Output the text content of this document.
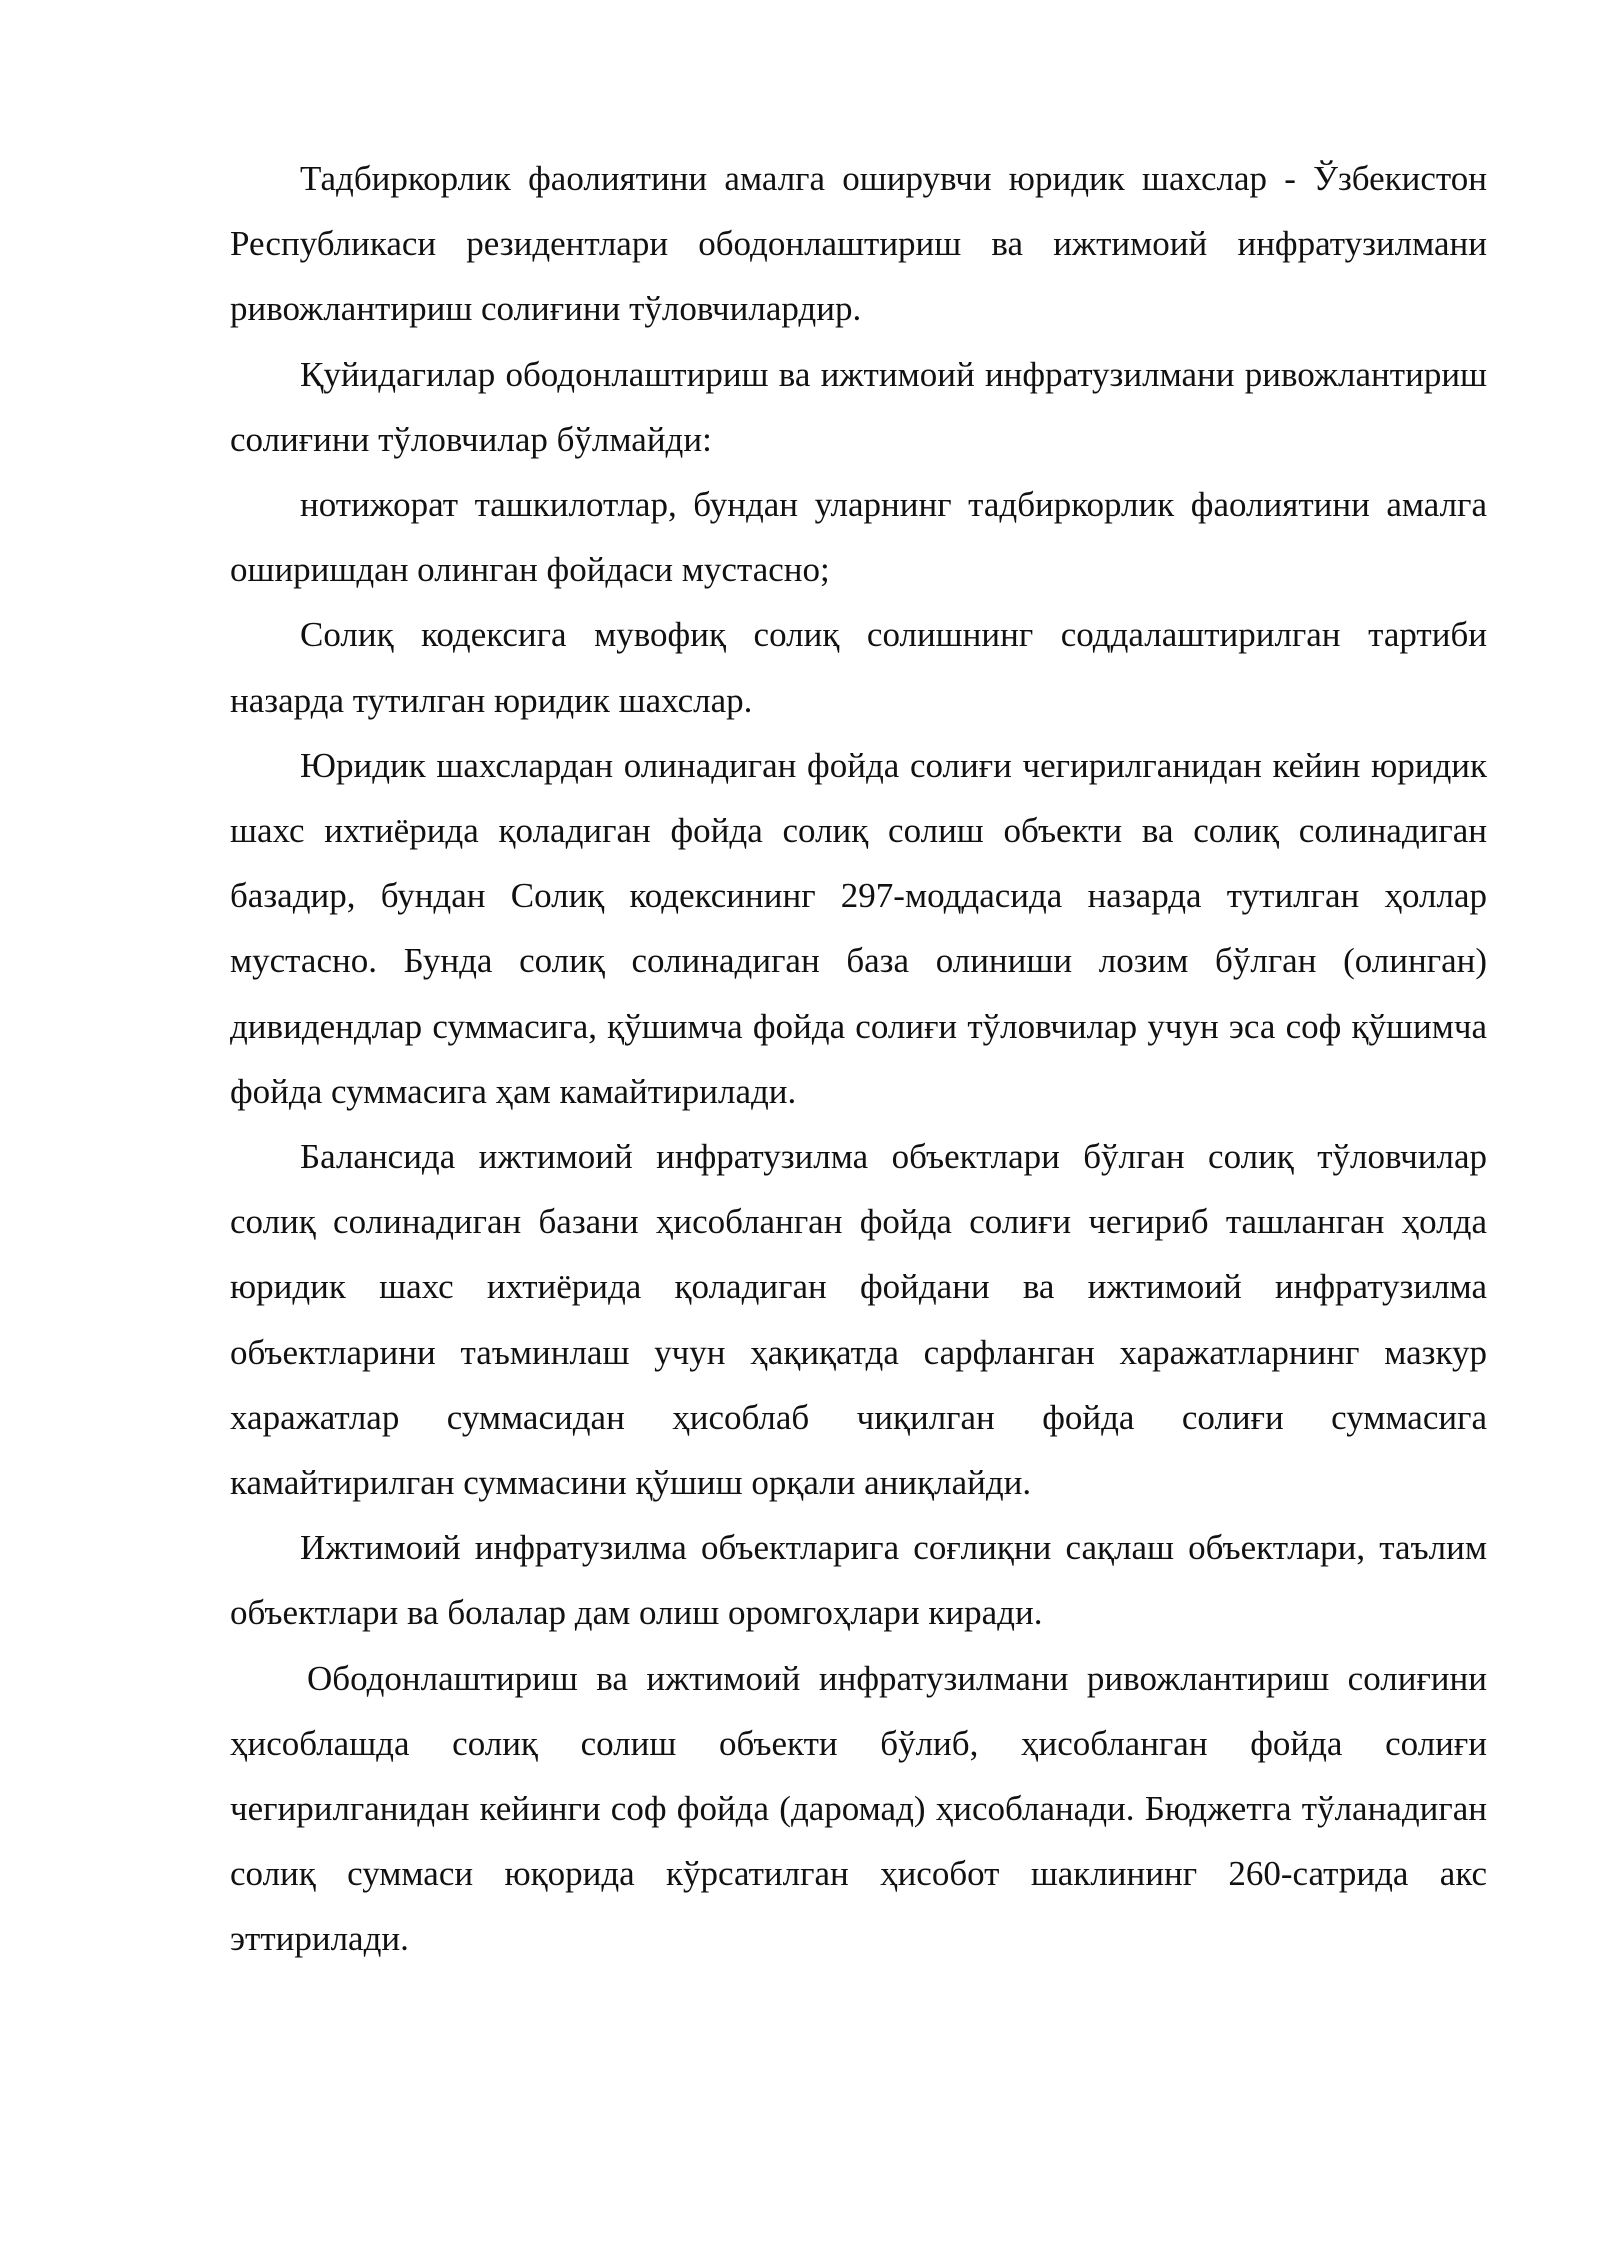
Тадбиркорлик фаолиятини амалга оширувчи юридик шахслар - Ўзбекистон Республикаси резидентлари ободонлаштириш ва ижтимоий инфратузилмани ривожлантириш солиғини тўловчилардир.

Қуйидагилар ободонлаштириш ва ижтимоий инфратузилмани ривожлантириш солиғини тўловчилар бўлмайди:

нотижорат ташкилотлар, бундан уларнинг тадбиркорлик фаолиятини амалга оширишдан олинган фойдаси мустасно;

Солиқ кодексига мувофиқ солиқ солишнинг соддалаштирилган тартиби назарда тутилган юридик шахслар.

Юридик шахслардан олинадиган фойда солиғи чегирилганидан кейин юридик шахс ихтиёрида қоладиган фойда солиқ солиш объекти ва солиқ солинадиган базадир, бундан Солиқ кодексининг 297-моддасида назарда тутилган ҳоллар мустасно. Бунда солиқ солинадиган база олиниши лозим бўлган (олинган) дивидендлар суммасига, қўшимча фойда солиғи тўловчилар учун эса соф қўшимча фойда суммасига ҳам камайтирилади.

Балансида ижтимоий инфратузилма объектлари бўлган солиқ тўловчилар солиқ солинадиган базани ҳисобланган фойда солиғи чегириб ташланган ҳолда юридик шахс ихтиёрида қоладиган фойдани ва ижтимоий инфратузилма объектларини таъминлаш учун ҳақиқатда сарфланган харажатларнинг мазкур харажатлар суммасидан ҳисоблаб чиқилган фойда солиғи суммасига камайтирилган суммасини қўшиш орқали аниқлайди.

Ижтимоий инфратузилма объектларига соғлиқни сақлаш объектлари, таълим объектлари ва болалар дам олиш оромгоҳлари киради.

Ободонлаштириш ва ижтимоий инфратузилмани ривожлантириш солиғини ҳисоблашда солиқ солиш объекти бўлиб, ҳисобланган фойда солиғи чегирилганидан кейинги соф фойда (даромад) ҳисобланади. Бюджетга тўланадиган солиқ суммаси юқорида кўрсатилган ҳисобот шаклининг 260-сатрида акс эттирилади.
